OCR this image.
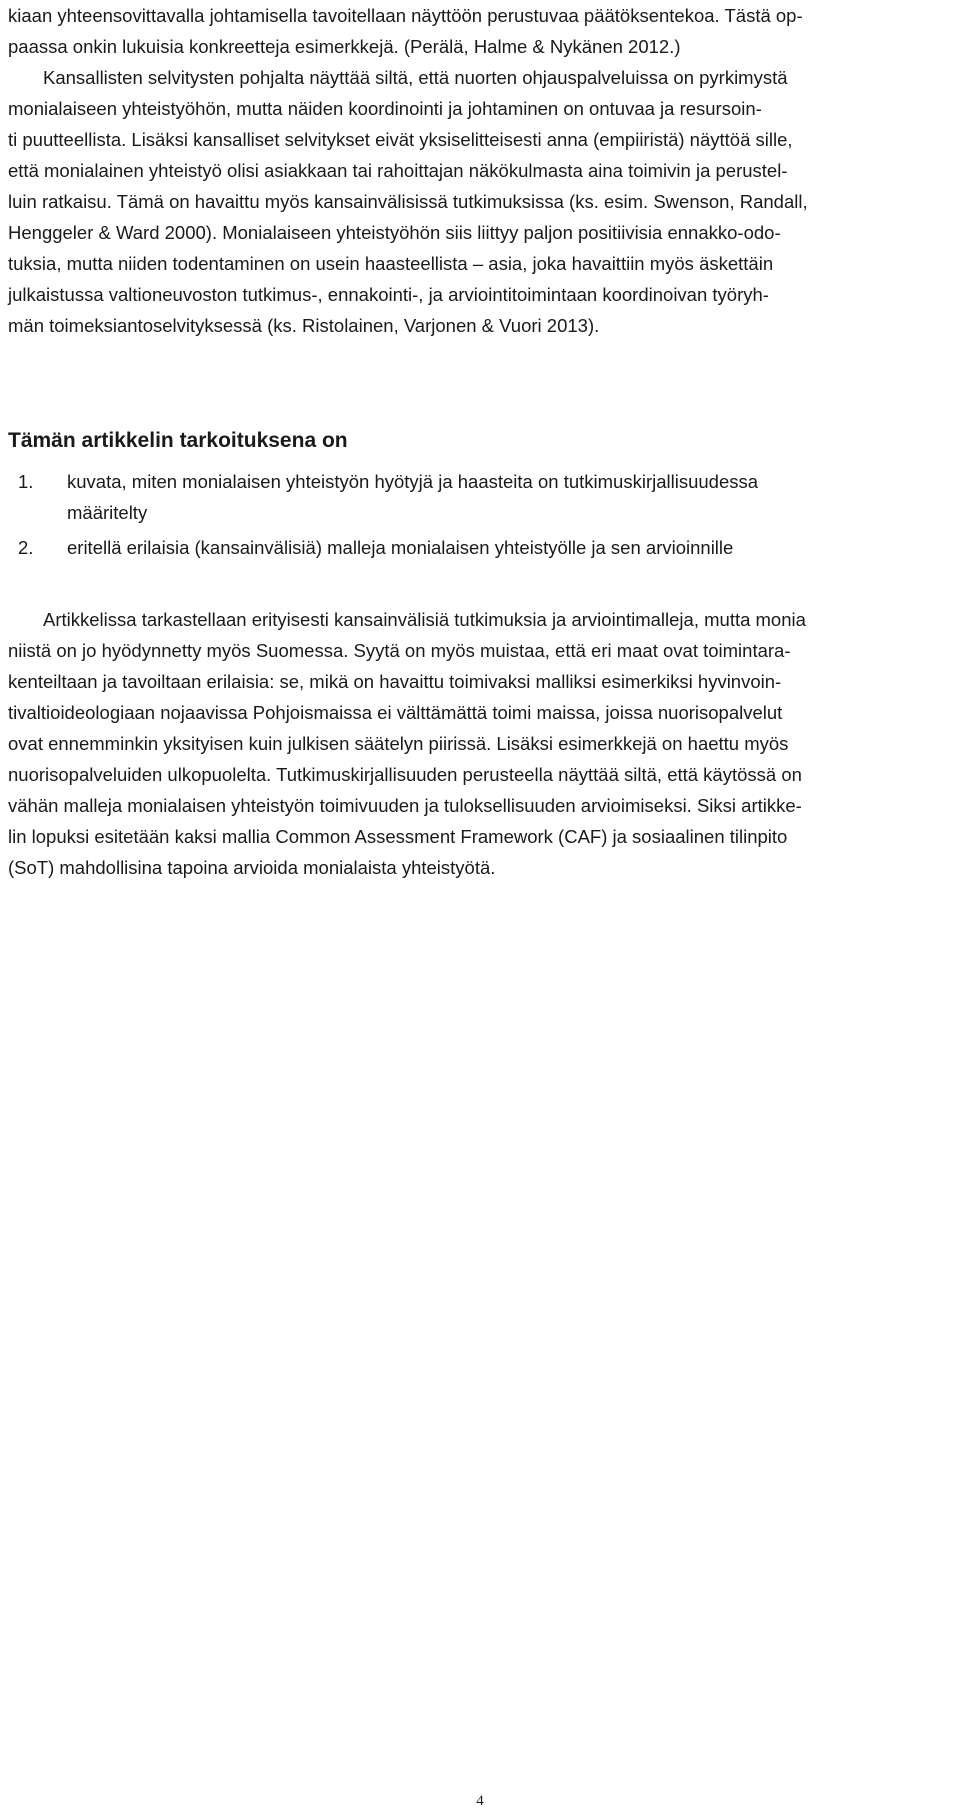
kiaan yhteensovittavalla johtamisella tavoitellaan näyttöön perustuvaa päätöksentekoa. Tästä op-
paassa onkin lukuisia konkreetteja esimerkkejä. (Perälä, Halme & Nykänen 2012.)
Kansallisten selvitysten pohjalta näyttää siltä, että nuorten ohjauspalveluissa on pyrkimystä
monialaiseen yhteistyöhön, mutta näiden koordinointi ja johtaminen on ontuvaa ja resursoin-
ti puutteellista. Lisäksi kansalliset selvitykset eivät yksiselitteisesti anna (empiiristä) näyttöä sille,
että monialainen yhteistyö olisi asiakkaan tai rahoittajan näkökulmasta aina toimivin ja perustel-
luin ratkaisu. Tämä on havaittu myös kansainvälisissä tutkimuksissa (ks. esim. Swenson, Randall,
Henggeler & Ward 2000). Monialaiseen yhteistyöhön siis liittyy paljon positiivisia ennakko-odo-
tuksia, mutta niiden todentaminen on usein haasteellista – asia, joka havaittiin myös äskettäin
julkaistussa valtioneuvoston tutkimus-, ennakointi-, ja arviointitoimintaan koordinoivan työryh-
män toimeksiantoselvityksessä (ks. Ristolainen, Varjonen & Vuori 2013).

Tämän artikkelin tarkoituksena on
1. kuvata, miten monialaisen yhteistyön hyötyjä ja haasteita on tutkimuskirjallisuudessa
määritelty
2. eritellä erilaisia (kansainvälisiä) malleja monialaisen yhteistyölle ja sen arvioinnille

Artikkelissa tarkastellaan erityisesti kansainvälisiä tutkimuksia ja arviointimalleja, mutta monia
niistä on jo hyödynnetty myös Suomessa. Syytä on myös muistaa, että eri maat ovat toimintara-
kenteiltaan ja tavoiltaan erilaisia: se, mikä on havaittu toimivaksi malliksi esimerkiksi hyvinvoin-
tivaltioideologiaan nojaavissa Pohjoismaissa ei välttämättä toimi maissa, joissa nuorisopalvelut
ovat ennemminkin yksityisen kuin julkisen säätelyn piirissä. Lisäksi esimerkkejä on haettu myös
nuorisopalveluiden ulkopuolelta. Tutkimuskirjallisuuden perusteella näyttää siltä, että käytössä on
vähän malleja monialaisen yhteistyön toimivuuden ja tuloksellisuuden arvioimiseksi. Siksi artikke-
lin lopuksi esitetään kaksi mallia Common Assessment Framework (CAF) ja sosiaalinen tilinpito
(SoT) mahdollisina tapoina arvioida monialaista yhteistyötä.

4
